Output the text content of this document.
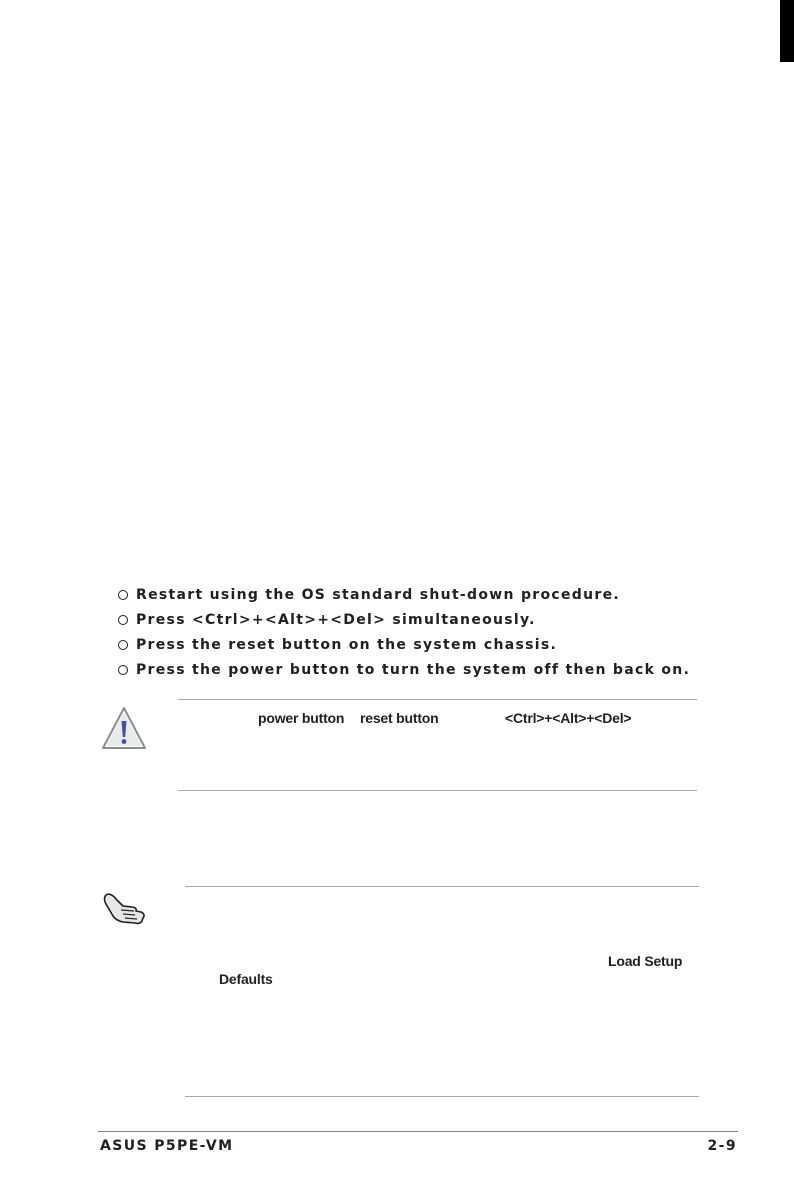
Restart using the OS standard shut-down procedure.
Press <Ctrl>+<Alt>+<Del> simultaneously.
Press the reset button on the system chassis.
Press the power button to turn the system off then back on.
power button reset button	<Ctrl>+<Alt>+<Del>
Load Setup
Defaults
ASUS P5PE-VM	2-9
